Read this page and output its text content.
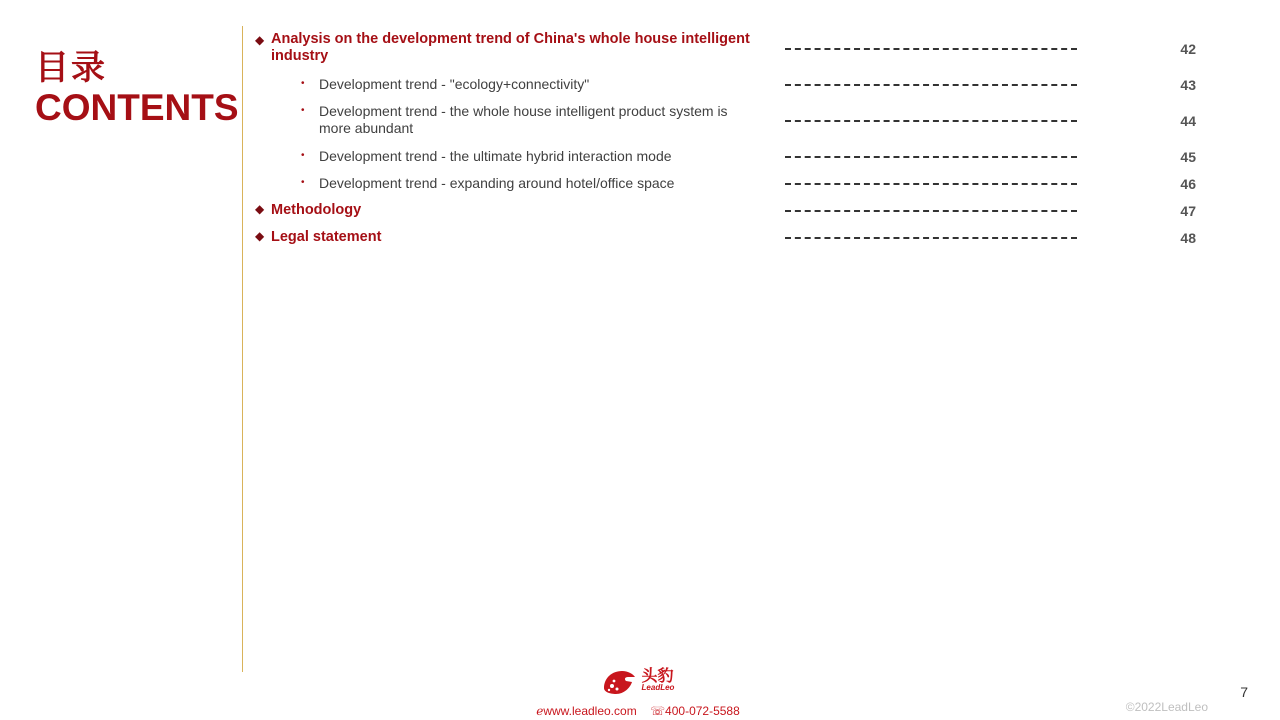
目录
CONTENTS
◆ Analysis on the development trend of China's whole house intelligent industry	42
• Development trend - "ecology+connectivity"	43
• Development trend - the whole house intelligent product system is more abundant	44
• Development trend - the ultimate hybrid interaction mode	45
• Development trend - expanding around hotel/office space	46
◆ Methodology	47
◆ Legal statement	48
头豹
LeadLeo
ℯwww.leadleo.com ☏400-072-5588
7
©2022LeadLeo
